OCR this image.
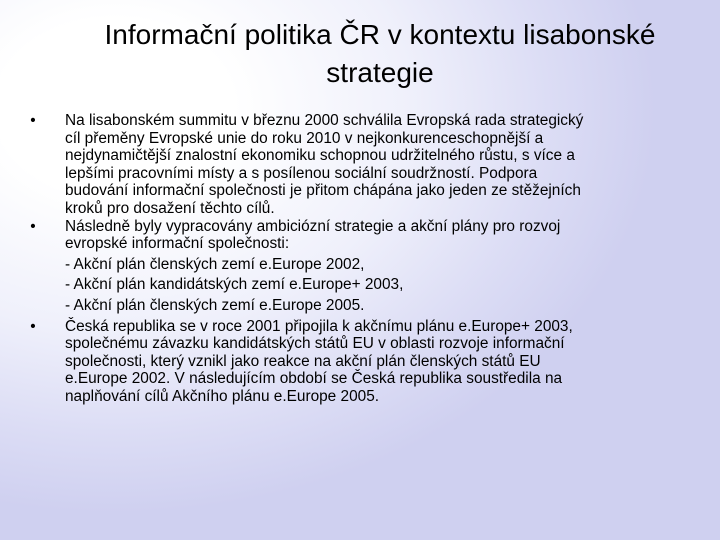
Informační politika ČR v kontextu lisabonské
strategie
• Na lisabonském summitu v březnu 2000 schválila Evropská rada strategický
cíl přeměny Evropské unie do roku 2010 v nejkonkurenceschopnější a
nejdynamičtější znalostní ekonomiku schopnou udržitelného růstu, s více a
lepšími pracovními místy a s posílenou sociální soudržností. Podpora
budování informační společnosti je přitom chápána jako jeden ze stěžejních
kroků pro dosažení těchto cílů.
• Následně byly vypracovány ambiciózní strategie a akční plány pro rozvoj
evropské informační společnosti:
- Akční plán členských zemí e.Europe 2002,
- Akční plán kandidátských zemí e.Europe+ 2003,
- Akční plán členských zemí e.Europe 2005.
• Česká republika se v roce 2001 připojila k akčnímu plánu e.Europe+ 2003,
společnému závazku kandidátských států EU v oblasti rozvoje informační
společnosti, který vznikl jako reakce na akční plán členských států EU
e.Europe 2002. V následujícím období se Česká republika soustředila na
naplňování cílů Akčního plánu e.Europe 2005.
